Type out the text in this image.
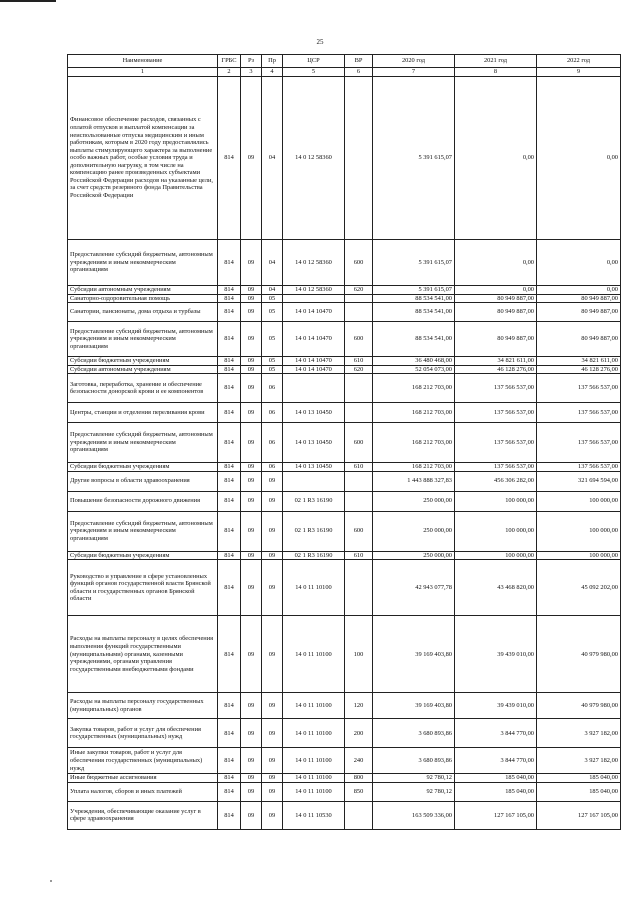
25
Наименование	ГРБС	Рз	Пр	ЦСР	ВР	2020 год	2021 год	2022 год
1	2	3	4	5	6	7	8	9
Финансовое обеспечение расходов, связанных с оплатой отпусков и выплатой компенсации за неиспользованные отпуска медицинским и иным работникам, которым в 2020 году предоставлялись выплаты стимулирующего характера за выполнение особо важных работ, особые условия труда и дополнительную нагрузку, в том числе на компенсацию ранее произведенных субъектами Российской Федерации расходов на указанные цели, за счет средств резервного фонда Правительства Российской Федерации	814	09	04	14 0 12 58360		5 391 615,07	0,00	0,00
Предоставление субсидий бюджетным, автономным учреждениям и иным некоммерческим организациям	814	09	04	14 0 12 58360	600	5 391 615,07	0,00	0,00
Субсидии автономным учреждениям	814	09	04	14 0 12 58360	620	5 391 615,07	0,00	0,00
Санаторно-оздоровительная помощь	814	09	05			88 534 541,00	80 949 887,00	80 949 887,00
Санатории, пансионаты, дома отдыха и турбазы	814	09	05	14 0 14 10470		88 534 541,00	80 949 887,00	80 949 887,00
Предоставление субсидий бюджетным, автономным учреждениям и иным некоммерческим организациям	814	09	05	14 0 14 10470	600	88 534 541,00	80 949 887,00	80 949 887,00
Субсидии бюджетным учреждениям	814	09	05	14 0 14 10470	610	36 480 468,00	34 821 611,00	34 821 611,00
Субсидии автономным учреждениям	814	09	05	14 0 14 10470	620	52 054 073,00	46 128 276,00	46 128 276,00
Заготовка, переработка, хранение и обеспечение безопасности донорской крови и ее компонентов	814	09	06			168 212 703,00	137 566 537,00	137 566 537,00
Центры, станции и отделения переливания крови	814	09	06	14 0 13 10450		168 212 703,00	137 566 537,00	137 566 537,00
Предоставление субсидий бюджетным, автономным учреждениям и иным некоммерческим организациям	814	09	06	14 0 13 10450	600	168 212 703,00	137 566 537,00	137 566 537,00
Субсидии бюджетным учреждениям	814	09	06	14 0 13 10450	610	168 212 703,00	137 566 537,00	137 566 537,00
Другие вопросы в области здравоохранения	814	09	09			1 443 888 327,83	456 306 282,00	321 694 594,00
Повышение безопасности дорожного движения	814	09	09	02 1 R3 16190		250 000,00	100 000,00	100 000,00
Предоставление субсидий бюджетным, автономным учреждениям и иным некоммерческим организациям	814	09	09	02 1 R3 16190	600	250 000,00	100 000,00	100 000,00
Субсидии бюджетным учреждениям	814	09	09	02 1 R3 16190	610	250 000,00	100 000,00	100 000,00
Руководство и управление в сфере установленных функций органов государственной власти Брянской области и государственных органов Брянской области	814	09	09	14 0 11 10100		42 943 077,78	43 468 820,00	45 092 202,00
Расходы на выплаты персоналу в целях обеспечения выполнения функций государственными (муниципальными) органами, казенными учреждениями, органами управления государственными внебюджетными фондами	814	09	09	14 0 11 10100	100	39 169 403,80	39 439 010,00	40 979 980,00
Расходы на выплаты персоналу государственных (муниципальных) органов	814	09	09	14 0 11 10100	120	39 169 403,80	39 439 010,00	40 979 980,00
Закупка товаров, работ и услуг для обеспечения государственных (муниципальных) нужд	814	09	09	14 0 11 10100	200	3 680 893,86	3 844 770,00	3 927 182,00
Иные закупки товаров, работ и услуг для обеспечения государственных (муниципальных) нужд	814	09	09	14 0 11 10100	240	3 680 893,86	3 844 770,00	3 927 182,00
Иные бюджетные ассигнования	814	09	09	14 0 11 10100	800	92 780,12	185 040,00	185 040,00
Уплата налогов, сборов и иных платежей	814	09	09	14 0 11 10100	850	92 780,12	185 040,00	185 040,00
Учреждения, обеспечивающие оказание услуг в сфере здравоохранения	814	09	09	14 0 11 10530		163 509 336,00	127 167 105,00	127 167 105,00
